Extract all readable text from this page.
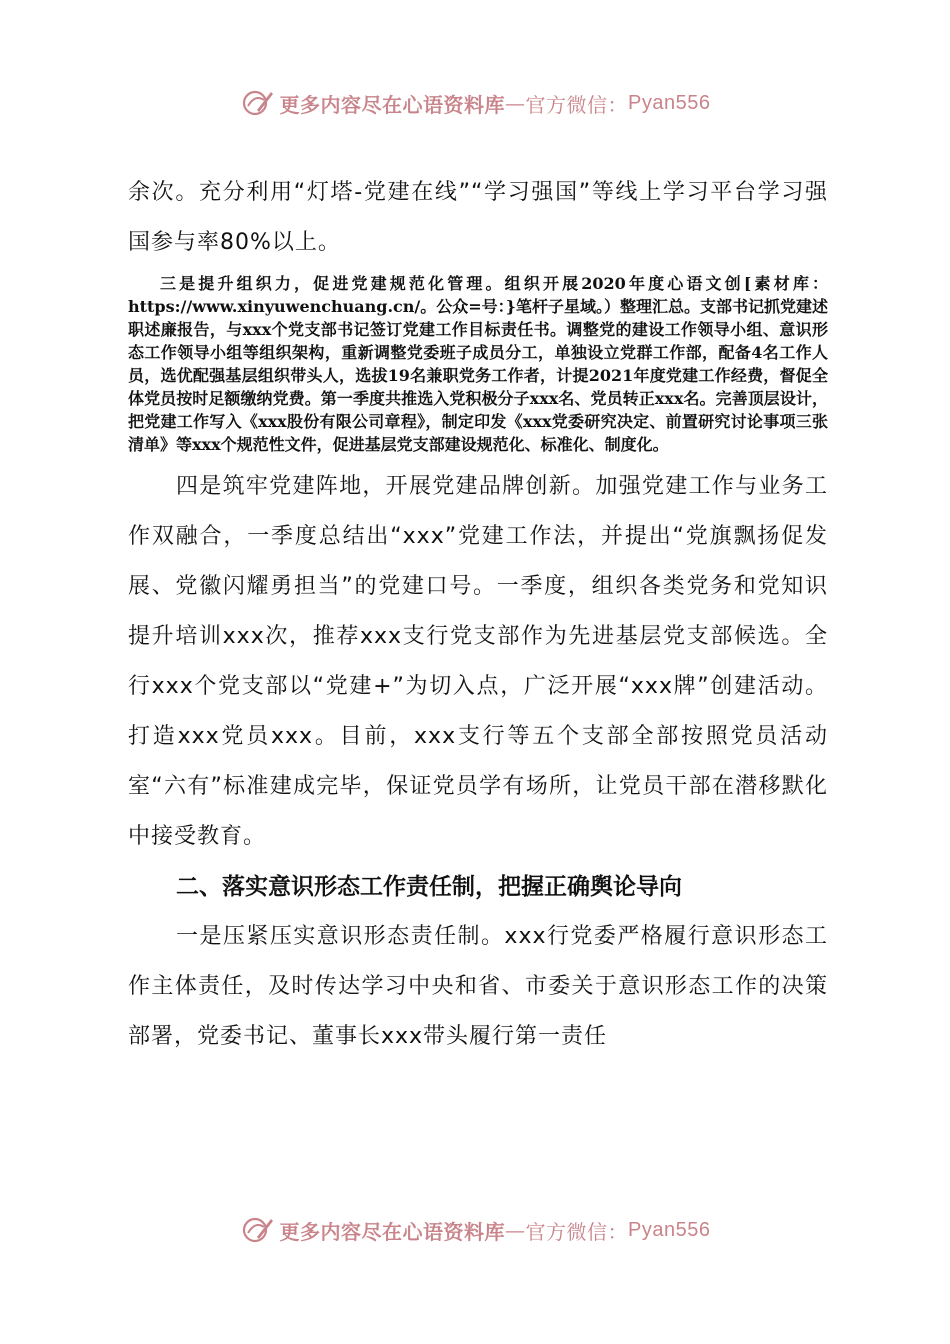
更多内容尽在心语资料库 — 官方微信： Pyan556

余次。充分利用“灯塔-党建在线”“学习强国”等线上学习平台学习强国参与率80%以上。

三是提升组织力，促进党建规范化管理。组织开展2020年度心语文创[素材库：https://www.xinyuwenchuang.cn/。公众=号：}笔杆子星域。）整理汇总。支部书记抓党建述职述廉报告，与xxx个党支部书记签订党建工作目标责任书。调整党的建设工作领导小组、意识形态工作领导小组等组织架构，重新调整党委班子成员分工，单独设立党群工作部，配备4名工作人员，选优配强基层组织带头人，选拔19名兼职党务工作者，计提2021年度党建工作经费，督促全体党员按时足额缴纳党费。第一季度共推选入党积极分子xxx名、党员转正xxx名。完善顶层设计，把党建工作写入《xxx股份有限公司章程》，制定印发《xxx党委研究决定、前置研究讨论事项三张清单》等xxx个规范性文件，促进基层党支部建设规范化、标准化、制度化。

四是筑牢党建阵地，开展党建品牌创新。加强党建工作与业务工作双融合，一季度总结出“xxx”党建工作法，并提出“党旗飘扬促发展、党徽闪耀勇担当”的党建口号。一季度，组织各类党务和党知识提升培训xxx次，推荐xxx支行党支部作为先进基层党支部候选。全行xxx个党支部以“党建+”为切入点，广泛开展“xxx牌”创建活动。打造xxx党员xxx。目前，xxx支行等五个支部全部按照党员活动室“六有”标准建成完毕，保证党员学有场所，让党员干部在潜移默化中接受教育。

二、落实意识形态工作责任制，把握正确舆论导向

一是压紧压实意识形态责任制。xxx行党委严格履行意识形态工作主体责任，及时传达学习中央和省、市委关于意识形态工作的决策部署，党委书记、董事长xxx带头履行第一责任

更多内容尽在心语资料库 — 官方微信： Pyan556
